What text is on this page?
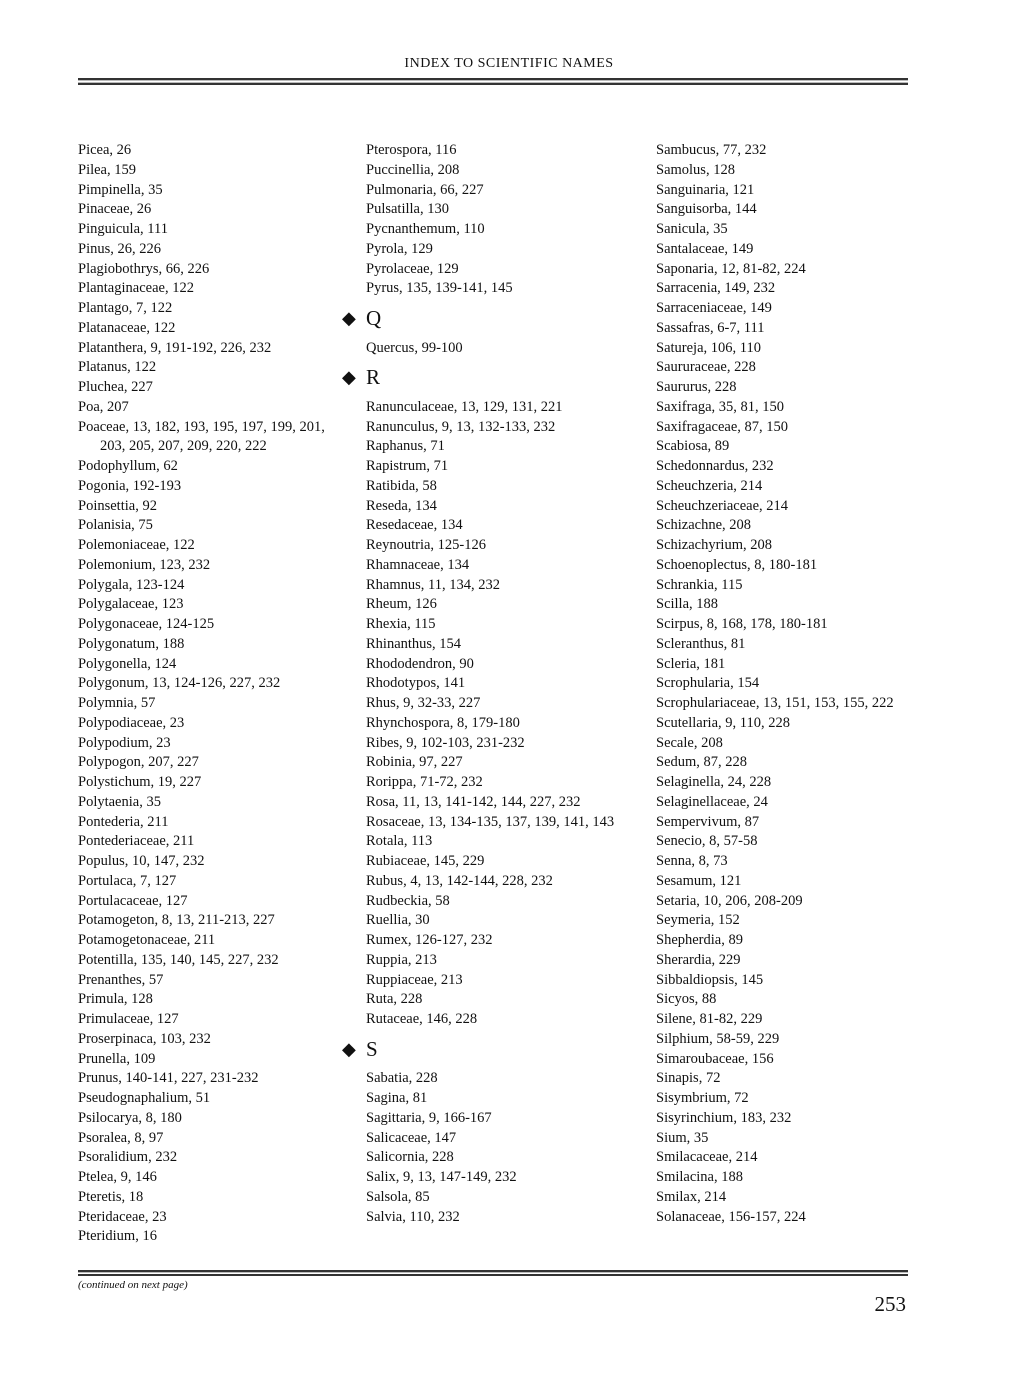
INDEX TO SCIENTIFIC NAMES
Picea, 26
Pilea, 159
Pimpinella, 35
Pinaceae, 26
Pinguicula, 111
Pinus, 26, 226
Plagiobothrys, 66, 226
Plantaginaceae, 122
Plantago, 7, 122
Platanaceae, 122
Platanthera, 9, 191-192, 226, 232
Platanus, 122
Pluchea, 227
Poa, 207
Poaceae, 13, 182, 193, 195, 197, 199, 201, 203, 205, 207, 209, 220, 222
Podophyllum, 62
Pogonia, 192-193
Poinsettia, 92
Polanisia, 75
Polemoniaceae, 122
Polemonium, 123, 232
Polygala, 123-124
Polygalaceae, 123
Polygonaceae, 124-125
Polygonatum, 188
Polygonella, 124
Polygonum, 13, 124-126, 227, 232
Polymnia, 57
Polypodiaceae, 23
Polypodium, 23
Polypogon, 207, 227
Polystichum, 19, 227
Polytaenia, 35
Pontederia, 211
Pontederiaceae, 211
Populus, 10, 147, 232
Portulaca, 7, 127
Portulacaceae, 127
Potamogeton, 8, 13, 211-213, 227
Potamogetonaceae, 211
Potentilla, 135, 140, 145, 227, 232
Prenanthes, 57
Primula, 128
Primulaceae, 127
Proserpinaca, 103, 232
Prunella, 109
Prunus, 140-141, 227, 231-232
Pseudognaphalium, 51
Psilocarya, 8, 180
Psoralea, 8, 97
Psoralidium, 232
Ptelea, 9, 146
Pteretis, 18
Pteridaceae, 23
Pteridium, 16
Pterospora, 116
Puccinellia, 208
Pulmonaria, 66, 227
Pulsatilla, 130
Pycnanthemum, 110
Pyrola, 129
Pyrolaceae, 129
Pyrus, 135, 139-141, 145
◆ Q
Quercus, 99-100
◆ R
Ranunculaceae, 13, 129, 131, 221
Ranunculus, 9, 13, 132-133, 232
Raphanus, 71
Rapistrum, 71
Ratibida, 58
Reseda, 134
Resedaceae, 134
Reynoutria, 125-126
Rhamnaceae, 134
Rhamnus, 11, 134, 232
Rheum, 126
Rhexia, 115
Rhinanthus, 154
Rhododendron, 90
Rhodotypos, 141
Rhus, 9, 32-33, 227
Rhynchospora, 8, 179-180
Ribes, 9, 102-103, 231-232
Robinia, 97, 227
Rorippa, 71-72, 232
Rosa, 11, 13, 141-142, 144, 227, 232
Rosaceae, 13, 134-135, 137, 139, 141, 143
Rotala, 113
Rubiaceae, 145, 229
Rubus, 4, 13, 142-144, 228, 232
Rudbeckia, 58
Ruellia, 30
Rumex, 126-127, 232
Ruppia, 213
Ruppiaceae, 213
Ruta, 228
Rutaceae, 146, 228
◆ S
Sabatia, 228
Sagina, 81
Sagittaria, 9, 166-167
Salicaceae, 147
Salicornia, 228
Salix, 9, 13, 147-149, 232
Salsola, 85
Salvia, 110, 232
Sambucus, 77, 232
Samolus, 128
Sanguinaria, 121
Sanguisorba, 144
Sanicula, 35
Santalaceae, 149
Saponaria, 12, 81-82, 224
Sarracenia, 149, 232
Sarraceniaceae, 149
Sassafras, 6-7, 111
Satureja, 106, 110
Saururaceae, 228
Saururus, 228
Saxifraga, 35, 81, 150
Saxifragaceae, 87, 150
Scabiosa, 89
Schedonnardus, 232
Scheuchzeria, 214
Scheuchzeriaceae, 214
Schizachne, 208
Schizachyrium, 208
Schoenoplectus, 8, 180-181
Schrankia, 115
Scilla, 188
Scirpus, 8, 168, 178, 180-181
Scleranthus, 81
Scleria, 181
Scrophularia, 154
Scrophulariaceae, 13, 151, 153, 155, 222
Scutellaria, 9, 110, 228
Secale, 208
Sedum, 87, 228
Selaginella, 24, 228
Selaginellaceae, 24
Sempervivum, 87
Senecio, 8, 57-58
Senna, 8, 73
Sesamum, 121
Setaria, 10, 206, 208-209
Seymeria, 152
Shepherdia, 89
Sherardia, 229
Sibbaldiopsis, 145
Sicyos, 88
Silene, 81-82, 229
Silphium, 58-59, 229
Simaroubaceae, 156
Sinapis, 72
Sisymbrium, 72
Sisyrinchium, 183, 232
Sium, 35
Smilacaceae, 214
Smilacina, 188
Smilax, 214
Solanaceae, 156-157, 224
(continued on next page)
253
